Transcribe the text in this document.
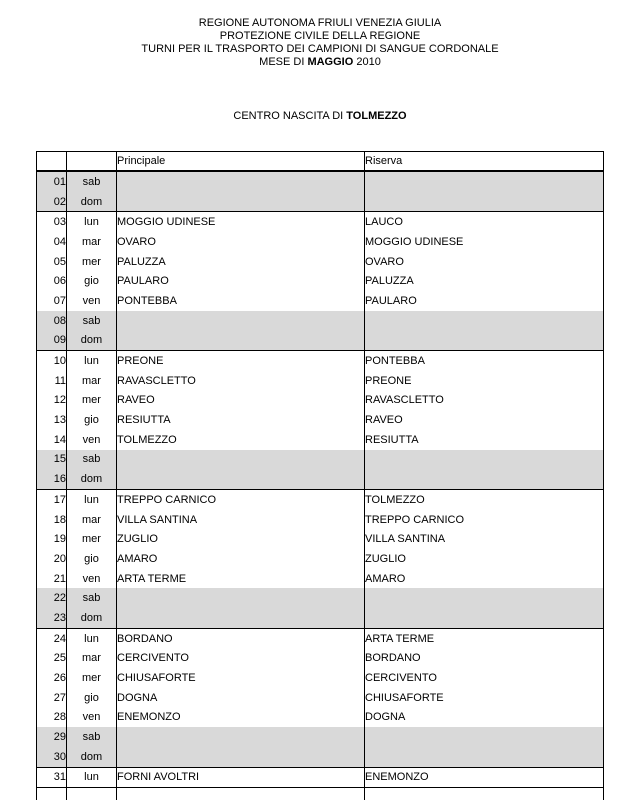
REGIONE AUTONOMA FRIULI VENEZIA GIULIA
PROTEZIONE CIVILE DELLA REGIONE
TURNI PER IL TRASPORTO DEI CAMPIONI DI SANGUE CORDONALE
MESE DI MAGGIO 2010
CENTRO NASCITA DI TOLMEZZO
		Principale	Riserva
01	sab		
02	dom		
03	lun	MOGGIO UDINESE	LAUCO
04	mar	OVARO	MOGGIO UDINESE
05	mer	PALUZZA	OVARO
06	gio	PAULARO	PALUZZA
07	ven	PONTEBBA	PAULARO
08	sab		
09	dom		
10	lun	PREONE	PONTEBBA
11	mar	RAVASCLETTO	PREONE
12	mer	RAVEO	RAVASCLETTO
13	gio	RESIUTTA	RAVEO
14	ven	TOLMEZZO	RESIUTTA
15	sab		
16	dom		
17	lun	TREPPO CARNICO	TOLMEZZO
18	mar	VILLA SANTINA	TREPPO CARNICO
19	mer	ZUGLIO	VILLA SANTINA
20	gio	AMARO	ZUGLIO
21	ven	ARTA TERME	AMARO
22	sab		
23	dom		
24	lun	BORDANO	ARTA TERME
25	mar	CERCIVENTO	BORDANO
26	mer	CHIUSAFORTE	CERCIVENTO
27	gio	DOGNA	CHIUSAFORTE
28	ven	ENEMONZO	DOGNA
29	sab		
30	dom		
31	lun	FORNI AVOLTRI	ENEMONZO
